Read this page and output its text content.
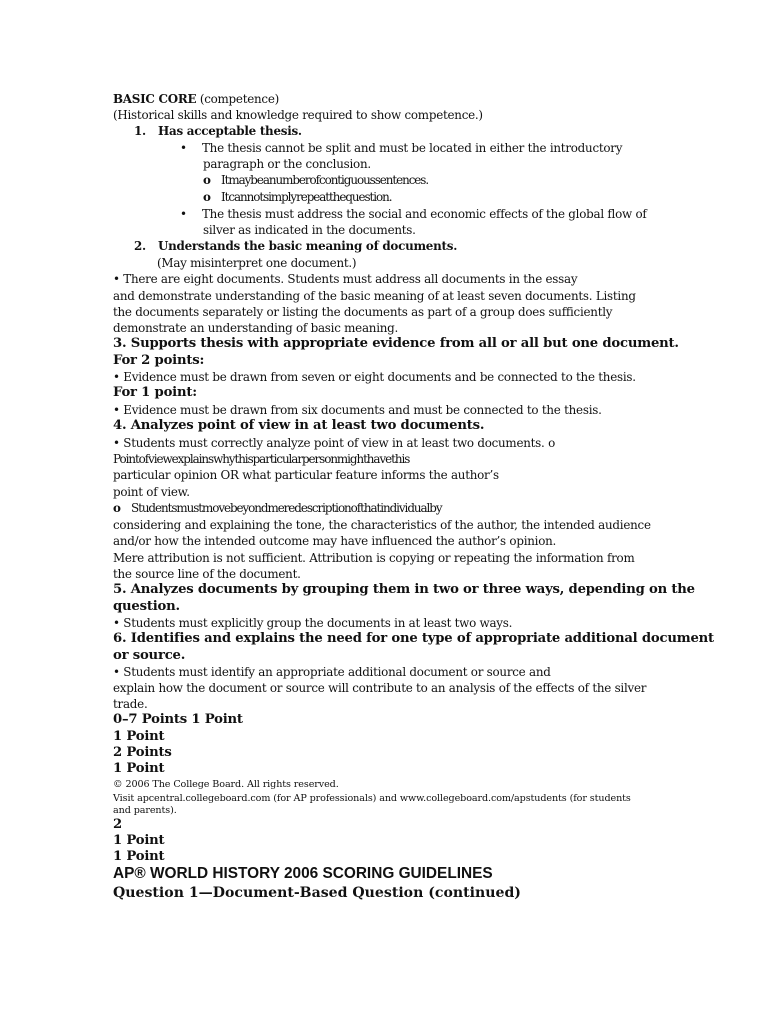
BASIC CORE (competence)
(Historical skills and knowledge required to show competence.)
1. Has acceptable thesis.
• The thesis cannot be split and must be located in either the introductory
paragraph or the conclusion.
o Itmaybeanumberofcontiguoussentences.
o Itcannotsimplyrepeatthequestion.
• The thesis must address the social and economic effects of the global flow of
silver as indicated in the documents.
2. Understands the basic meaning of documents.
(May misinterpret one document.)
• There are eight documents. Students must address all documents in the essay
and demonstrate understanding of the basic meaning of at least seven documents. Listing
the documents separately or listing the documents as part of a group does sufficiently
demonstrate an understanding of basic meaning.
3. Supports thesis with appropriate evidence from all or all but one document.
For 2 points:
• Evidence must be drawn from seven or eight documents and be connected to the thesis.
For 1 point:
• Evidence must be drawn from six documents and must be connected to the thesis.
4. Analyzes point of view in at least two documents.
• Students must correctly analyze point of view in at least two documents. o
Pointofviewexplainswhythisparticularpersonmighthavethis
particular opinion OR what particular feature informs the author’s
point of view.
o Studentsmustmovebeyondmeredescriptionofthatindividualby
considering and explaining the tone, the characteristics of the author, the intended audience
and/or how the intended outcome may have influenced the author’s opinion.
Mere attribution is not sufficient. Attribution is copying or repeating the information from
the source line of the document.
5. Analyzes documents by grouping them in two or three ways, depending on the
question.
• Students must explicitly group the documents in at least two ways.
6. Identifies and explains the need for one type of appropriate additional document
or source.
• Students must identify an appropriate additional document or source and
explain how the document or source will contribute to an analysis of the effects of the silver
trade.
0–7 Points 1 Point
1 Point
2 Points
1 Point
© 2006 The College Board. All rights reserved.
Visit apcentral.collegeboard.com (for AP professionals) and www.collegeboard.com/apstudents (for students
and parents).
2
1 Point
1 Point
AP® WORLD HISTORY 2006 SCORING GUIDELINES
Question 1—Document-Based Question (continued)
